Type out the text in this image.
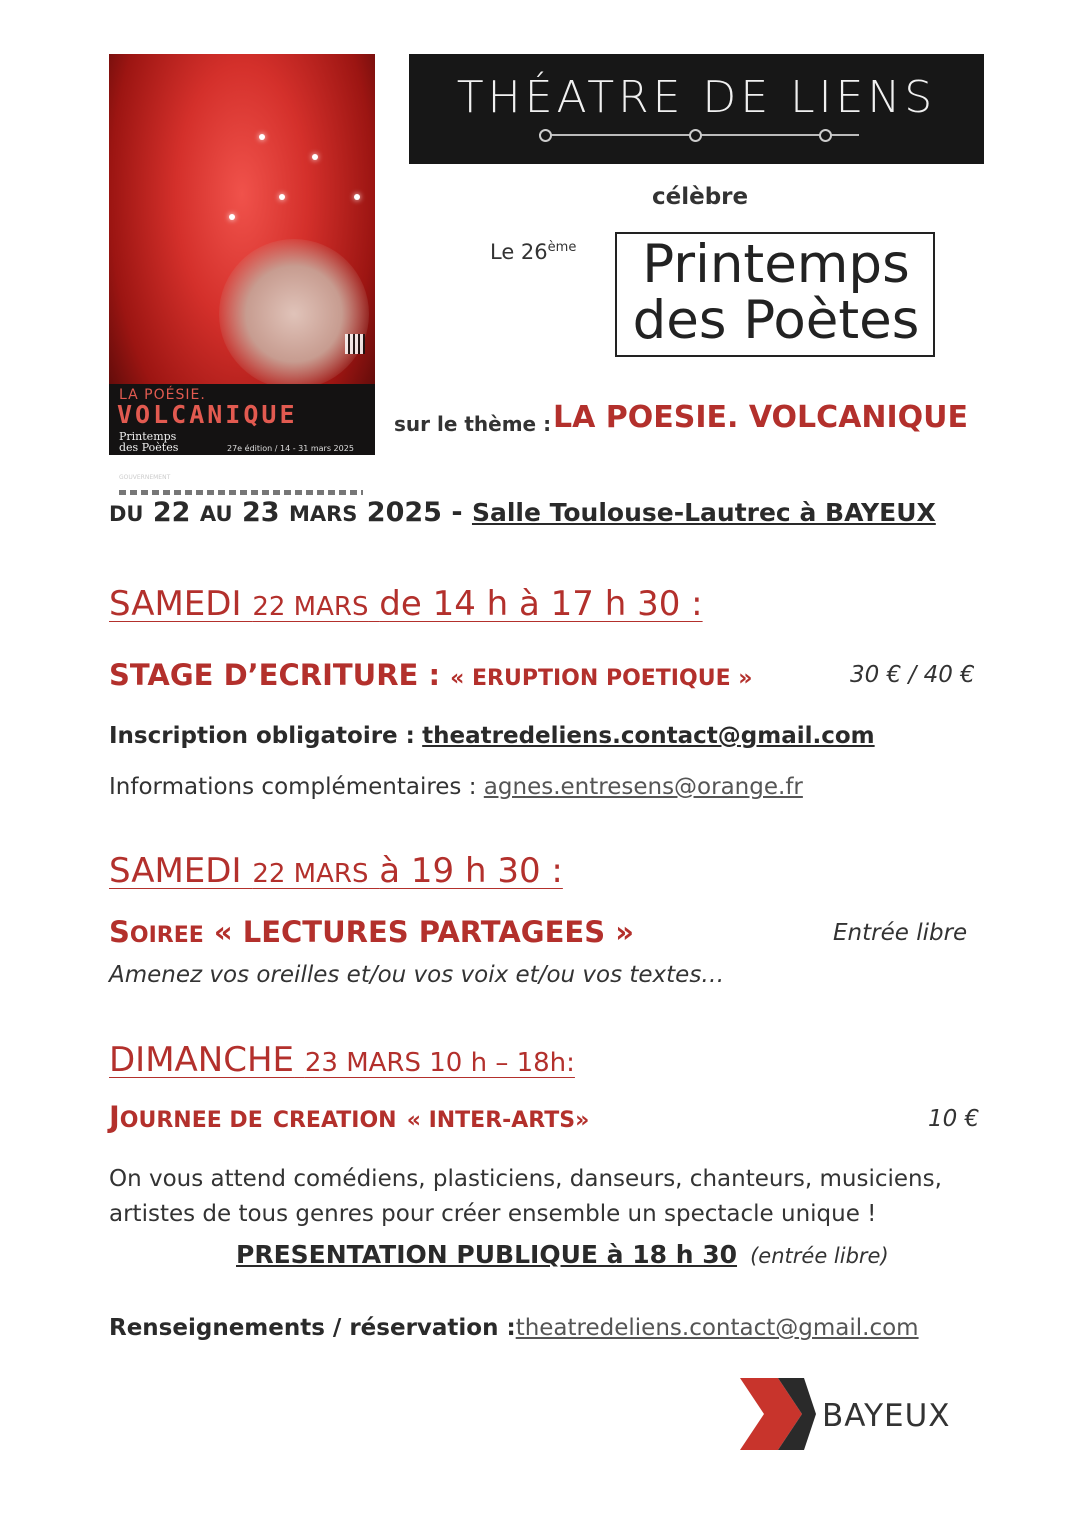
LA POÉSIE.
VOLCANIQUE
Printemps
des Poètes	27e édition / 14 - 31 mars 2025
GOUVERNEMENT	CNL
THÉATRE DE LIENS
célèbre
Le 26ème	Printemps
des Poètes
sur le thème : LA POESIE. VOLCANIQUE
DU 22 AU 23 MARS 2025 - Salle Toulouse-Lautrec à BAYEUX
SAMEDI 22 MARS de 14 h à 17 h 30 :
STAGE D’ECRITURE : « ERUPTION POETIQUE »	30 € / 40 €
Inscription obligatoire : theatredeliens.contact@gmail.com
Informations complémentaires : agnes.entresens@orange.fr
SAMEDI 22 MARS à 19 h 30 :
SOIREE « LECTURES PARTAGEES »	Entrée libre
Amenez vos oreilles et/ou vos voix et/ou vos textes…
DIMANCHE 23 MARS 10 h – 18h:
JOURNEE DE CREATION « INTER-ARTS»	10 €
On vous attend comédiens, plasticiens, danseurs, chanteurs, musiciens,
artistes de tous genres pour créer ensemble un spectacle unique !
PRESENTATION PUBLIQUE à 18 h 30 (entrée libre)
Renseignements / réservation :theatredeliens.contact@gmail.com
BAYEUX
